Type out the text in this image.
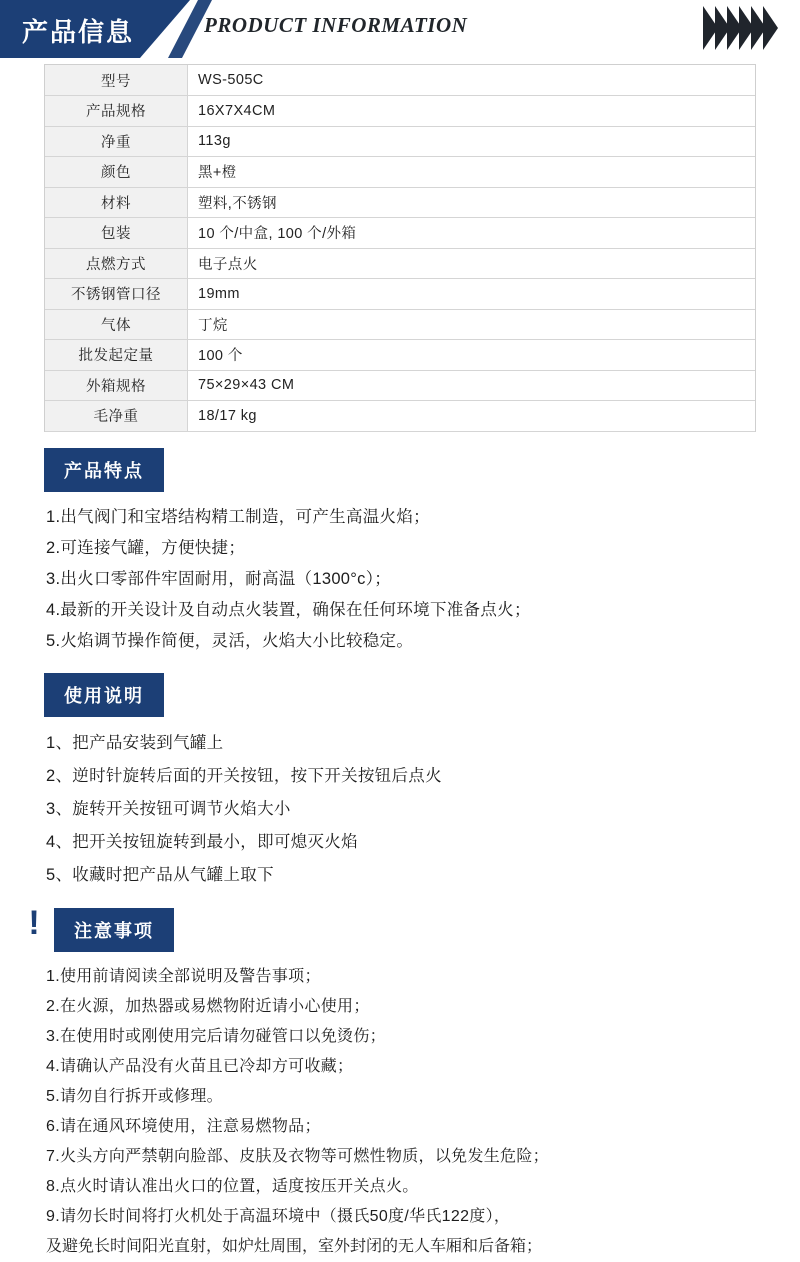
产品信息	PRODUCT INFORMATION
型号	WS-505C
产品规格	16X7X4CM
净重	113g
颜色	黑+橙
材料	塑料,不锈钢
包装	10 个/中盒, 100 个/外箱
点燃方式	电子点火
不锈钢管口径	19mm
气体	丁烷
批发起定量	100 个
外箱规格	75×29×43 CM
毛净重	18/17 kg
产品特点
1.出气阀门和宝塔结构精工制造，可产生高温火焰；
2.可连接气罐，方便快捷；
3.出火口零部件牢固耐用，耐高温（1300°c）；
4.最新的开关设计及自动点火装置，确保在任何环境下准备点火；
5.火焰调节操作简便，灵活，火焰大小比较稳定。
使用说明
1、把产品安装到气罐上
2、逆时针旋转后面的开关按钮，按下开关按钮后点火
3、旋转开关按钮可调节火焰大小
4、把开关按钮旋转到最小，即可熄灭火焰
5、收藏时把产品从气罐上取下
!	注意事项
1.使用前请阅读全部说明及警告事项；
2.在火源，加热器或易燃物附近请小心使用；
3.在使用时或刚使用完后请勿碰管口以免烫伤；
4.请确认产品没有火苗且已冷却方可收藏；
5.请勿自行拆开或修理。
6.请在通风环境使用，注意易燃物品；
7.火头方向严禁朝向脸部、皮肤及衣物等可燃性物质，以免发生危险；
8.点火时请认准出火口的位置，适度按压开关点火。
9.请勿长时间将打火机处于高温环境中（摄氏50度/华氏122度），
及避免长时间阳光直射，如炉灶周围，室外封闭的无人车厢和后备箱；
